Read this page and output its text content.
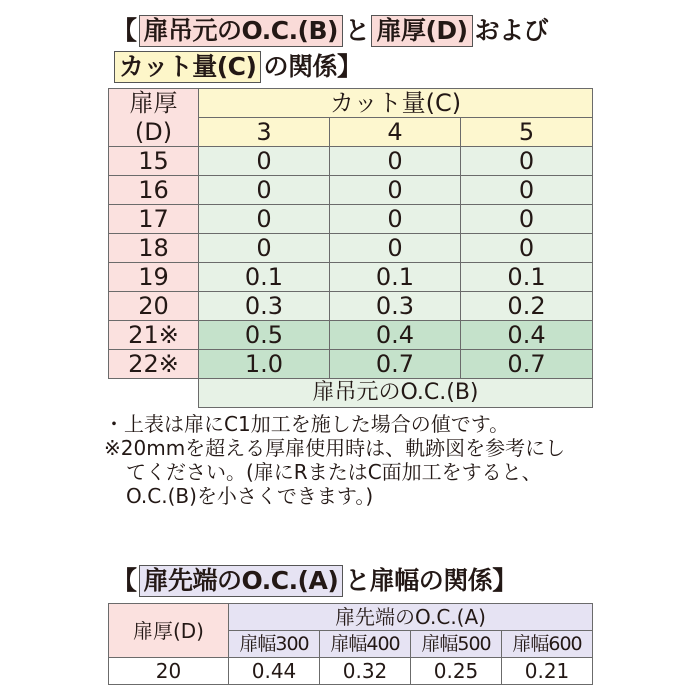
【 扉吊元のO.C.(B) と 扉厚(D) および
カット量(C) の関係】
扉厚	カット量(C)		
(D)	3	4	5
15	0	0	0
16	0	0	0
17	0	0	0
18	0	0	0
19	0.1	0.1	0.1
20	0.3	0.3	0.2
21※	0.5	0.4	0.4
22※	1.0	0.7	0.7
	扉吊元のO.C.(B)		

・上表は扉にC1加工を施した場合の値です。

※20mmを超える厚扉使用時は、軌跡図を参考にし

てください。(扉にRまたはC面加工をすると、

O.C.(B)を小さくできます。)

【 扉先端のO.C.(A) と扉幅の関係】
扉厚(D)	扉先端のO.C.(A)			
	扉幅300	扉幅400	扉幅500	扉幅600
20	0.44	0.32	0.25	0.21
